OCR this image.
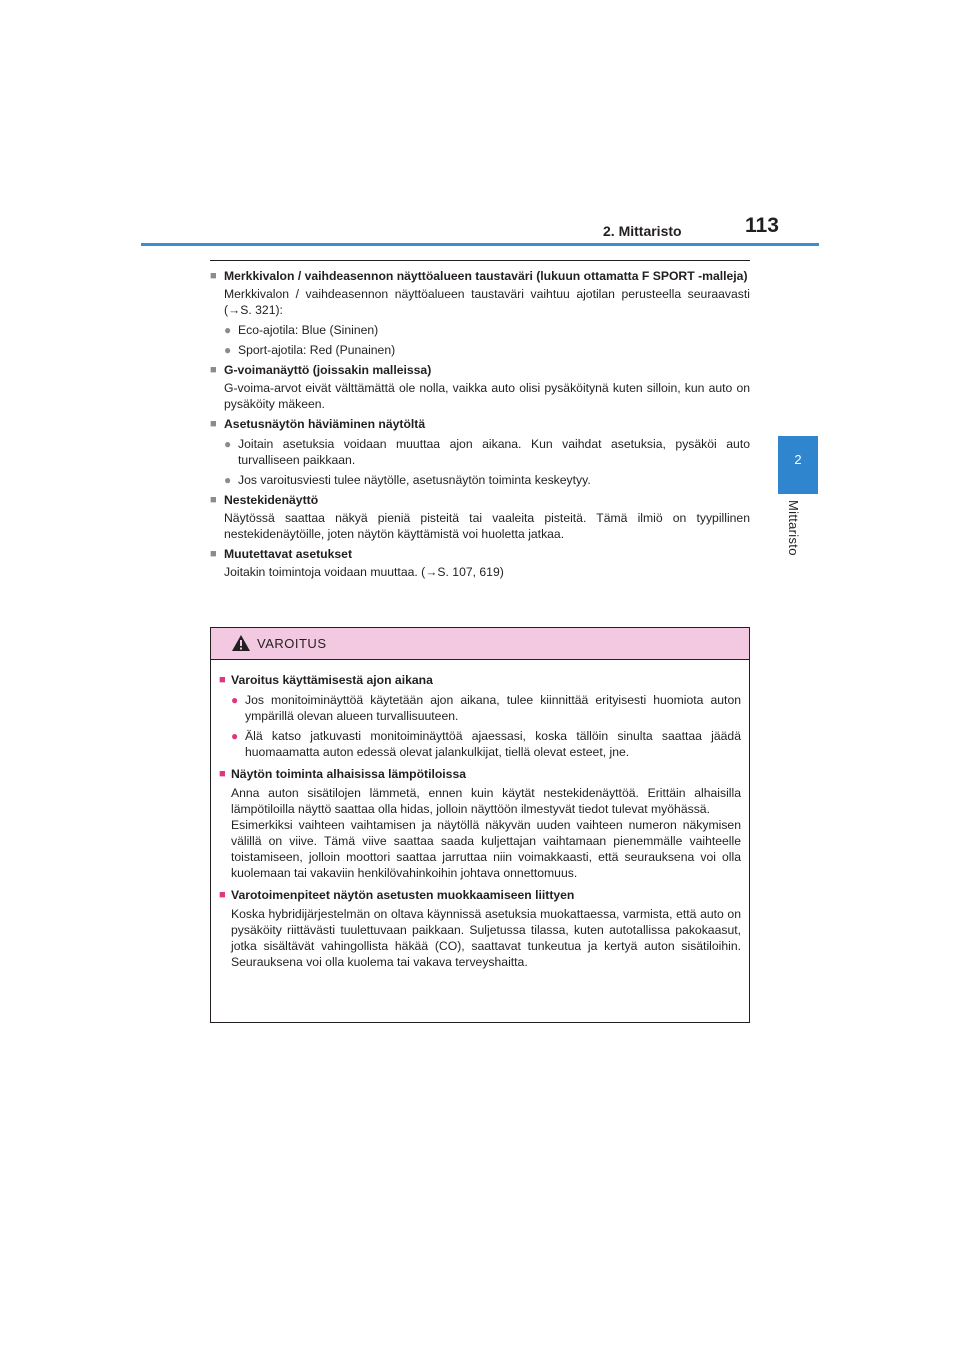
2. Mittaristo	113
2
Mittaristo
■ Merkkivalon / vaihdeasennon näyttöalueen taustaväri (lukuun ottamatta F SPORT -malleja)
Merkkivalon / vaihdeasennon näyttöalueen taustaväri vaihtuu ajotilan perusteella seuraavasti (→S. 321):
● Eco-ajotila: Blue (Sininen)
● Sport-ajotila: Red (Punainen)
■ G-voimanäyttö (joissakin malleissa)
G-voima-arvot eivät välttämättä ole nolla, vaikka auto olisi pysäköitynä kuten silloin, kun auto on pysäköity mäkeen.
■ Asetusnäytön häviäminen näytöltä
● Joitain asetuksia voidaan muuttaa ajon aikana. Kun vaihdat asetuksia, pysäköi auto turvalliseen paikkaan.
● Jos varoitusviesti tulee näytölle, asetusnäytön toiminta keskeytyy.
■ Nestekidenäyttö
Näytössä saattaa näkyä pieniä pisteitä tai vaaleita pisteitä. Tämä ilmiö on tyypillinen nestekidenäytöille, joten näytön käyttämistä voi huoletta jatkaa.
■ Muutettavat asetukset
Joitakin toimintoja voidaan muuttaa. (→S. 107, 619)
VAROITUS
■ Varoitus käyttämisestä ajon aikana
● Jos monitoiminäyttöä käytetään ajon aikana, tulee kiinnittää erityisesti huomiota auton ympärillä olevan alueen turvallisuuteen.
● Älä katso jatkuvasti monitoiminäyttöä ajaessasi, koska tällöin sinulta saattaa jäädä huomaamatta auton edessä olevat jalankulkijat, tiellä olevat esteet, jne.
■ Näytön toiminta alhaisissa lämpötiloissa
Anna auton sisätilojen lämmetä, ennen kuin käytät nestekidenäyttöä. Erittäin alhaisilla lämpötiloilla näyttö saattaa olla hidas, jolloin näyttöön ilmestyvät tiedot tulevat myöhässä.
Esimerkiksi vaihteen vaihtamisen ja näytöllä näkyvän uuden vaihteen numeron näkymisen välillä on viive. Tämä viive saattaa saada kuljettajan vaihtamaan pienemmälle vaihteelle toistamiseen, jolloin moottori saattaa jarruttaa niin voimakkaasti, että seurauksena voi olla kuolemaan tai vakaviin henkilövahinkoihin johtava onnettomuus.
■ Varotoimenpiteet näytön asetusten muokkaamiseen liittyen
Koska hybridijärjestelmän on oltava käynnissä asetuksia muokattaessa, varmista, että auto on pysäköity riittävästi tuulettuvaan paikkaan. Suljetussa tilassa, kuten autotallissa pakokaasut, jotka sisältävät vahingollista häkää (CO), saattavat tunkeutua ja kertyä auton sisätiloihin. Seurauksena voi olla kuolema tai vakava terveyshaitta.
